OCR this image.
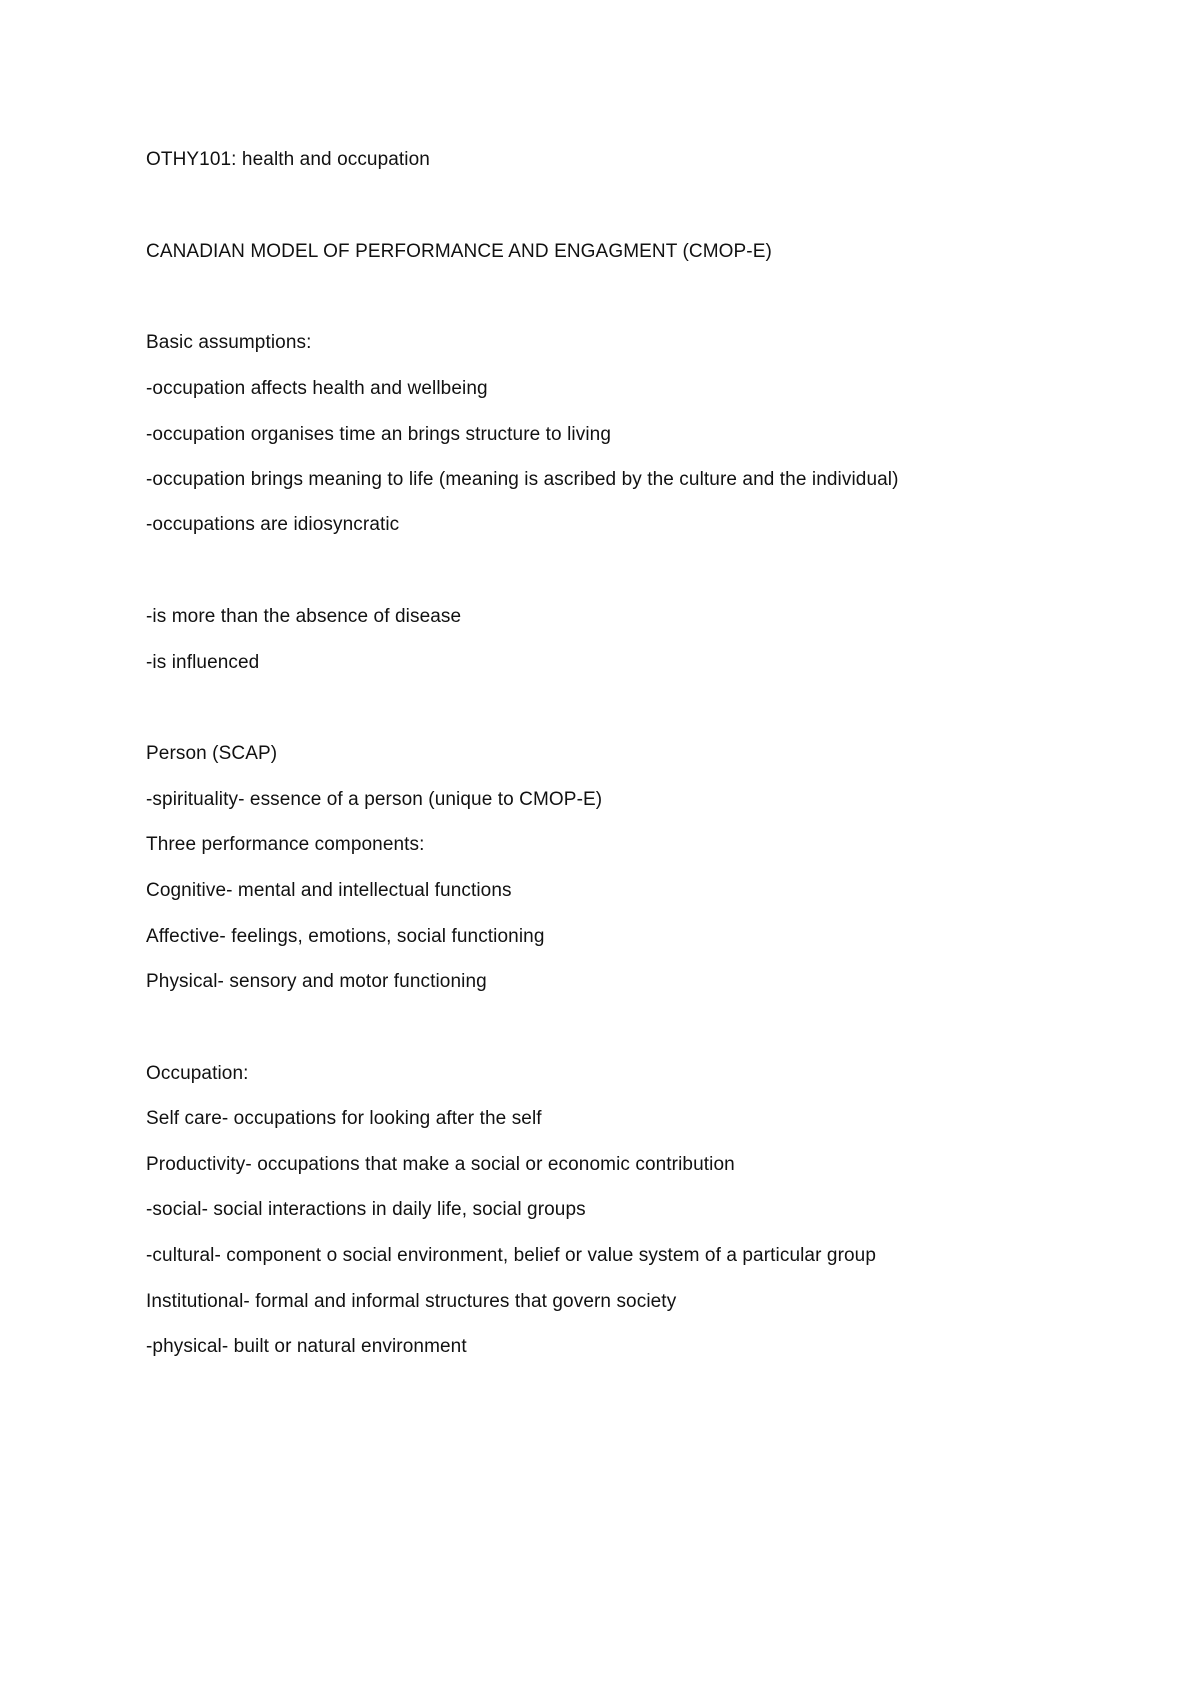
OTHY101: health and occupation
CANADIAN MODEL OF PERFORMANCE AND ENGAGMENT (CMOP-E)
Basic assumptions:
-occupation affects health and wellbeing
-occupation organises time an brings structure to living
-occupation brings meaning to life (meaning is ascribed by the culture and the individual)
-occupations are idiosyncratic
-is more than the absence of disease
-is influenced
Person (SCAP)
-spirituality- essence of a person (unique to CMOP-E)
Three performance components:
Cognitive- mental and intellectual functions
Affective- feelings, emotions, social functioning
Physical- sensory and motor functioning
Occupation:
Self care- occupations for looking after the self
Productivity- occupations that make a social or economic contribution
-social- social interactions in daily life, social groups
-cultural- component o social environment, belief or value system of a particular group
Institutional- formal and informal structures that govern society
-physical- built or natural environment
